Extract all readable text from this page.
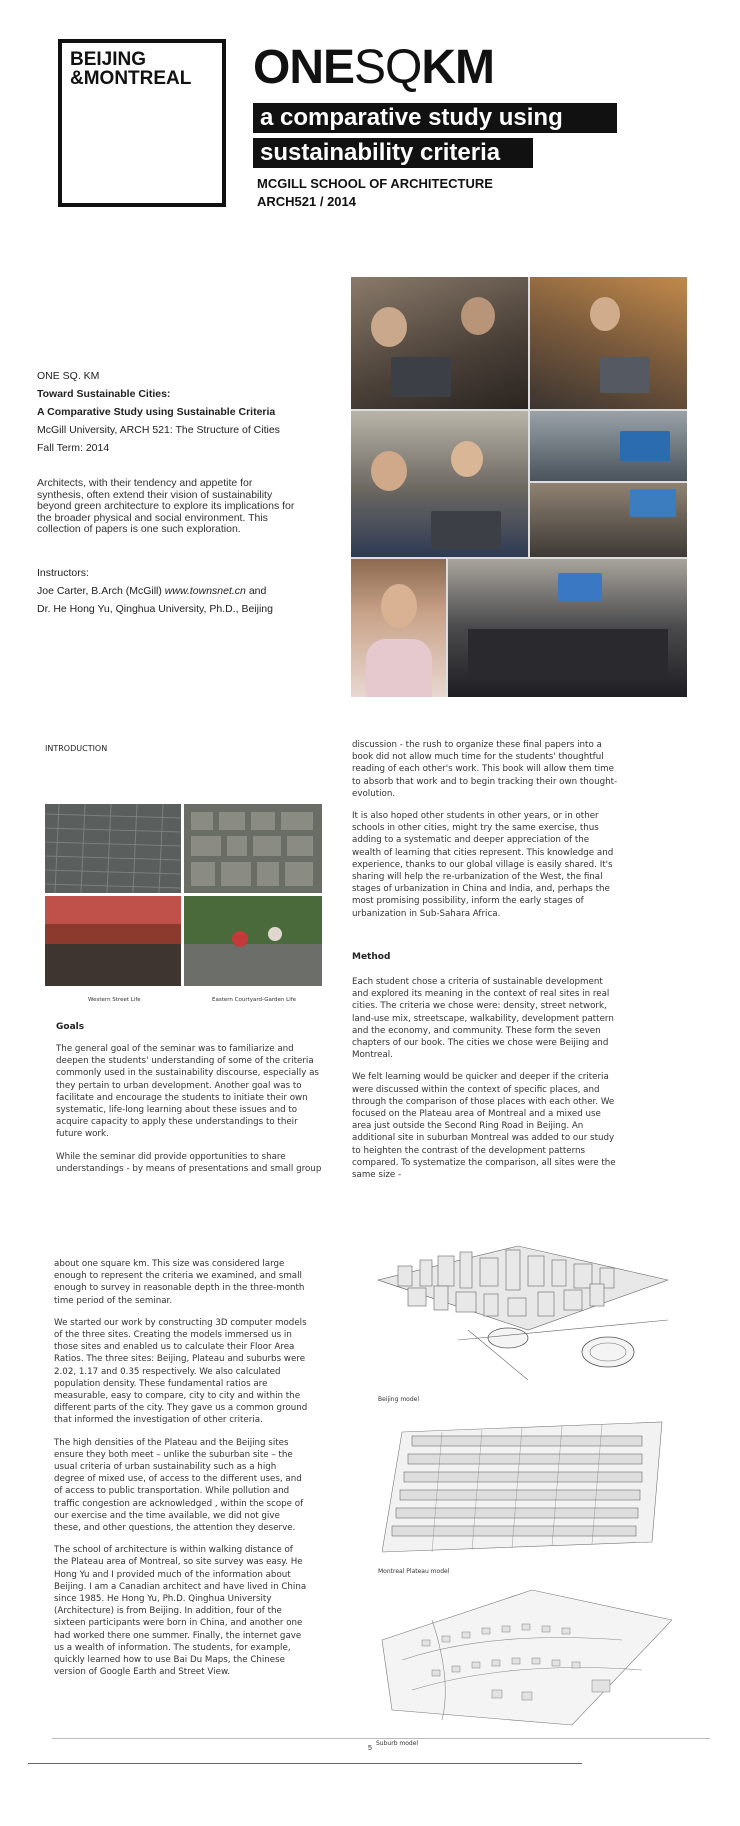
BEIJING
&MONTREAL ONESQKM
a comparative study using
sustainability criteria
MCGILL SCHOOL OF ARCHITECTURE
ARCH521 / 2014

ONE SQ. KM

Toward Sustainable Cities:

A Comparative Study using Sustainable Criteria

McGill University, ARCH 521: The Structure of Cities

Fall Term: 2014

Architects, with their tendency and appetite for synthesis, often extend their vision of sustainability beyond green architecture to explore its implications for the broader physical and social environment. This collection of papers is one such exploration.

Instructors:
Joe Carter, B.Arch (McGill) www.townsnet.cn and
Dr. He Hong Yu, Qinghua University, Ph.D., Beijing
INTRODUCTION
Western Street Life	Eastern Courtyard-Garden Life
Goals

The general goal of the seminar was to familiarize and deepen the students' understanding of some of the criteria commonly used in the sustainability discourse, especially as they pertain to urban development. Another goal was to facilitate and encourage the students to initiate their own systematic, life-long learning about these issues and to acquire capacity to apply these understandings to their future work.

While the seminar did provide opportunities to share understandings - by means of presentations and small group

discussion - the rush to organize these final papers into a book did not allow much time for the students' thoughtful reading of each other's work. This book will allow them time to absorb that work and to begin tracking their own thought-evolution.

It is also hoped other students in other years, or in other schools in other cities, might try the same exercise, thus adding to a systematic and deeper appreciation of the wealth of learning that cities represent. This knowledge and experience, thanks to our global village is easily shared. It's sharing will help the re-urbanization of the West, the final stages of urbanization in China and India, and, perhaps the most promising possibility, inform the early stages of urbanization in Sub-Sahara Africa.

Method

Each student chose a criteria of sustainable development and explored its meaning in the context of real sites in real cities. The criteria we chose were: density, street network, land-use mix, streetscape, walkability, development pattern and the economy, and community. These form the seven chapters of our book. The cities we chose were Beijing and Montreal.

We felt learning would be quicker and deeper if the criteria were discussed within the context of specific places, and through the comparison of those places with each other. We focused on the Plateau area of Montreal and a mixed use area just outside the Second Ring Road in Beijing. An additional site in suburban Montreal was added to our study to heighten the contrast of the development patterns compared. To systematize the comparison, all sites were the same size -

about one square km. This size was considered large enough to represent the criteria we examined, and small enough to survey in reasonable depth in the three-month time period of the seminar.

We started our work by constructing 3D computer models of the three sites. Creating the models immersed us in those sites and enabled us to calculate their Floor Area Ratios. The three sites: Beijing, Plateau and suburbs were 2.02, 1.17 and 0.35 respectively. We also calculated population density. These fundamental ratios are measurable, easy to compare, city to city and within the different parts of the city. They gave us a common ground that informed the investigation of other criteria.

The high densities of the Plateau and the Beijing sites ensure they both meet – unlike the suburban site – the usual criteria of urban sustainability such as a high degree of mixed use, of access to the different uses, and of access to public transportation. While pollution and traffic congestion are acknowledged , within the scope of our exercise and the time available, we did not give these, and other questions, the attention they deserve.

The school of architecture is within walking distance of the Plateau area of Montreal, so site survey was easy. He Hong Yu and I provided much of the information about Beijing. I am a Canadian architect and have lived in China since 1985. He Hong Yu, Ph.D. Qinghua University (Architecture) is from Beijing. In addition, four of the sixteen participants were born in China, and another one had worked there one summer. Finally, the internet gave us a wealth of information. The students, for example, quickly learned how to use Bai Du Maps, the Chinese version of Google Earth and Street View.

Beijing model
Montreal Plateau model
Suburb model
5
